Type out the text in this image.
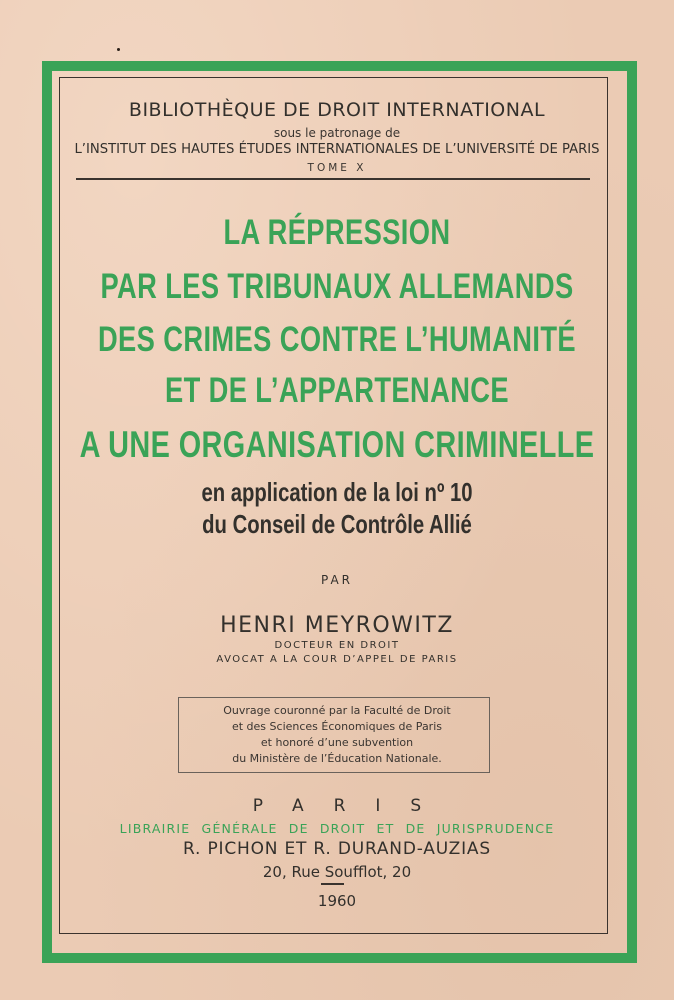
BIBLIOTHÈQUE DE DROIT INTERNATIONAL
sous le patronage de
L’INSTITUT DES HAUTES ÉTUDES INTERNATIONALES DE L’UNIVERSITÉ DE PARIS
TOME X
LA RÉPRESSION
PAR LES TRIBUNAUX ALLEMANDS
DES CRIMES CONTRE L’HUMANITÉ
ET DE L’APPARTENANCE
A UNE ORGANISATION CRIMINELLE
en application de la loi nº 10
du Conseil de Contrôle Allié
PAR
HENRI MEYROWITZ
DOCTEUR EN DROIT
AVOCAT A LA COUR D’APPEL DE PARIS
Ouvrage couronné par la Faculté de Droit
et des Sciences Économiques de Paris
et honoré d’une subvention
du Ministère de l’Éducation Nationale.
PARIS
LIBRAIRIE GÉNÉRALE DE DROIT ET DE JURISPRUDENCE
R. PICHON ET R. DURAND-AUZIAS
20, Rue Soufflot, 20
1960
